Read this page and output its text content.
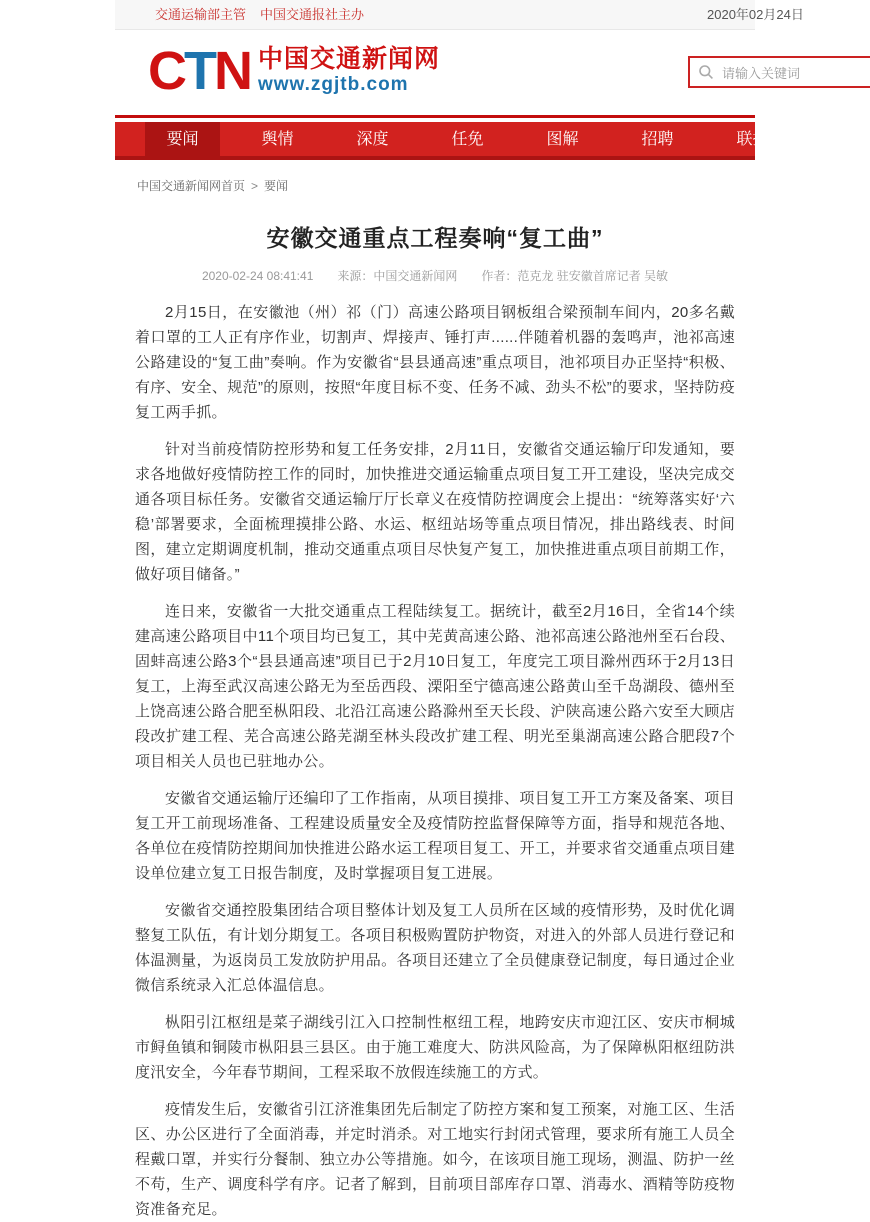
交通运输部主管 中国交通报社主办	2020年02月24日
CTN 中国交通新闻网
www.zgjtb.com
请输入关键词
要闻	舆情	深度	任免	图解	招聘	联播
中国交通新闻网首页 > 要闻
安徽交通重点工程奏响“复工曲”
2020-02-24 08:41:41 来源：中国交通新闻网 作者：范克龙 驻安徽首席记者 吴敏

2月15日，在安徽池（州）祁（门）高速公路项目钢板组合梁预制车间内，20多名戴着口罩的工人正有序作业，切割声、焊接声、锤打声......伴随着机器的轰鸣声，池祁高速公路建设的“复工曲”奏响。作为安徽省“县县通高速”重点项目，池祁项目办正坚持“积极、有序、安全、规范”的原则，按照“年度目标不变、任务不减、劲头不松”的要求，坚持防疫复工两手抓。

针对当前疫情防控形势和复工任务安排，2月11日，安徽省交通运输厅印发通知，要求各地做好疫情防控工作的同时，加快推进交通运输重点项目复工开工建设，坚决完成交通各项目标任务。安徽省交通运输厅厅长章义在疫情防控调度会上提出：“统筹落实好‘六稳’部署要求，全面梳理摸排公路、水运、枢纽站场等重点项目情况，排出路线表、时间图，建立定期调度机制，推动交通重点项目尽快复产复工，加快推进重点项目前期工作，做好项目储备。”

连日来，安徽省一大批交通重点工程陆续复工。据统计，截至2月16日，全省14个续建高速公路项目中11个项目均已复工，其中芜黄高速公路、池祁高速公路池州至石台段、固蚌高速公路3个“县县通高速”项目已于2月10日复工，年度完工项目滁州西环于2月13日复工，上海至武汉高速公路无为至岳西段、溧阳至宁德高速公路黄山至千岛湖段、德州至上饶高速公路合肥至枞阳段、北沿江高速公路滁州至天长段、沪陕高速公路六安至大顾店段改扩建工程、芜合高速公路芜湖至林头段改扩建工程、明光至巢湖高速公路合肥段7个项目相关人员也已驻地办公。

安徽省交通运输厅还编印了工作指南，从项目摸排、项目复工开工方案及备案、项目复工开工前现场准备、工程建设质量安全及疫情防控监督保障等方面，指导和规范各地、各单位在疫情防控期间加快推进公路水运工程项目复工、开工，并要求省交通重点项目建设单位建立复工日报告制度，及时掌握项目复工进展。

安徽省交通控股集团结合项目整体计划及复工人员所在区域的疫情形势，及时优化调整复工队伍，有计划分期复工。各项目积极购置防护物资，对进入的外部人员进行登记和体温测量，为返岗员工发放防护用品。各项目还建立了全员健康登记制度，每日通过企业微信系统录入汇总体温信息。

枞阳引江枢纽是菜子湖线引江入口控制性枢纽工程，地跨安庆市迎江区、安庆市桐城市鲟鱼镇和铜陵市枞阳县三县区。由于施工难度大、防洪风险高，为了保障枞阳枢纽防洪度汛安全，今年春节期间，工程采取不放假连续施工的方式。

疫情发生后，安徽省引江济淮集团先后制定了防控方案和复工预案，对施工区、生活区、办公区进行了全面消毒，并定时消杀。对工地实行封闭式管理，要求所有施工人员全程戴口罩，并实行分餐制、独立办公等措施。如今，在该项目施工现场，测温、防护一丝不苟，生产、调度科学有序。记者了解到，目前项目部库存口罩、消毒水、酒精等防疫物资准备充足。
